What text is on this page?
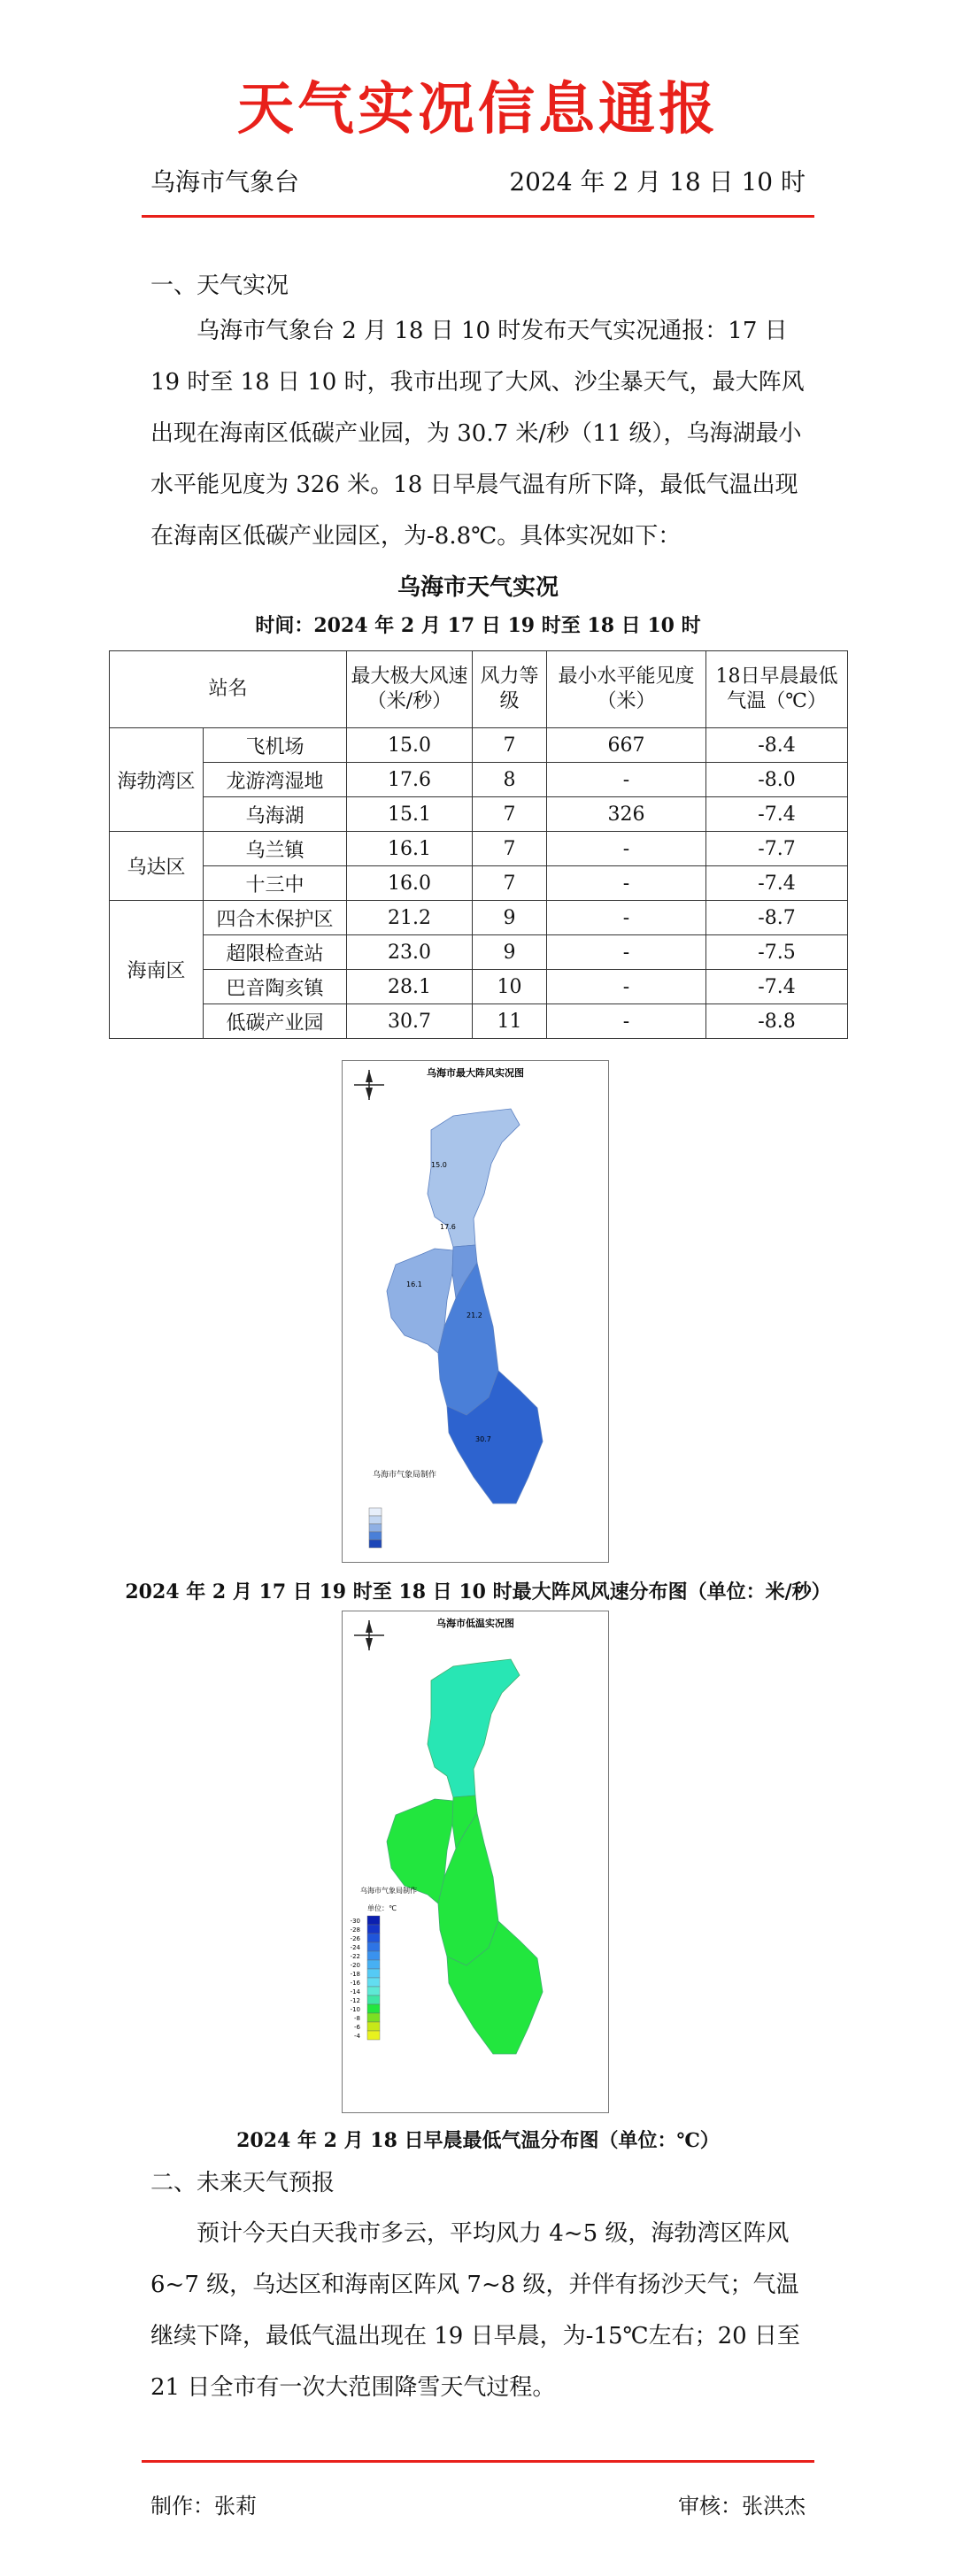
天气实况信息通报
乌海市气象台	2024 年 2 月 18 日 10 时
一、天气实况

乌海市气象台 2 月 18 日 10 时发布天气实况通报：17 日 19 时至 18 日 10 时，我市出现了大风、沙尘暴天气，最大阵风出现在海南区低碳产业园，为 30.7 米/秒（11 级），乌海湖最小水平能见度为 326 米。18 日早晨气温有所下降，最低气温出现在海南区低碳产业园区，为-8.8℃。具体实况如下：

乌海市天气实况
时间：2024 年 2 月 17 日 19 时至 18 日 10 时
站名		最大极大风速（米/秒）	风力等级	最小水平能见度（米）	18日早晨最低气温（℃）
海勃湾区	飞机场	15.0	7	667	-8.4
	龙游湾湿地	17.6	8	-	-8.0
	乌海湖	15.1	7	326	-7.4
乌达区	乌兰镇	16.1	7	-	-7.7
	十三中	16.0	7	-	-7.4
海南区	四合木保护区	21.2	9	-	-8.7
	超限检查站	23.0	9	-	-7.5
	巴音陶亥镇	28.1	10	-	-7.4
	低碳产业园	30.7	11	-	-8.8
乌海市最大阵风实况图
15.0
17.6
16.1
21.2
30.7
乌海市气象局制作
2024 年 2 月 17 日 19 时至 18 日 10 时最大阵风风速分布图（单位：米/秒）
乌海市低温实况图
乌海市气象局制作
单位：℃
-30
-28
-26
-24
-22
-20
-18
-16
-14
-12
-10
-8
-6
-4
2024 年 2 月 18 日早晨最低气温分布图（单位：℃）
二、未来天气预报

预计今天白天我市多云，平均风力 4~5 级，海勃湾区阵风 6~7 级，乌达区和海南区阵风 7~8 级，并伴有扬沙天气；气温继续下降，最低气温出现在 19 日早晨，为-15℃左右；20 日至 21 日全市有一次大范围降雪天气过程。

制作：张莉	审核：张洪杰
